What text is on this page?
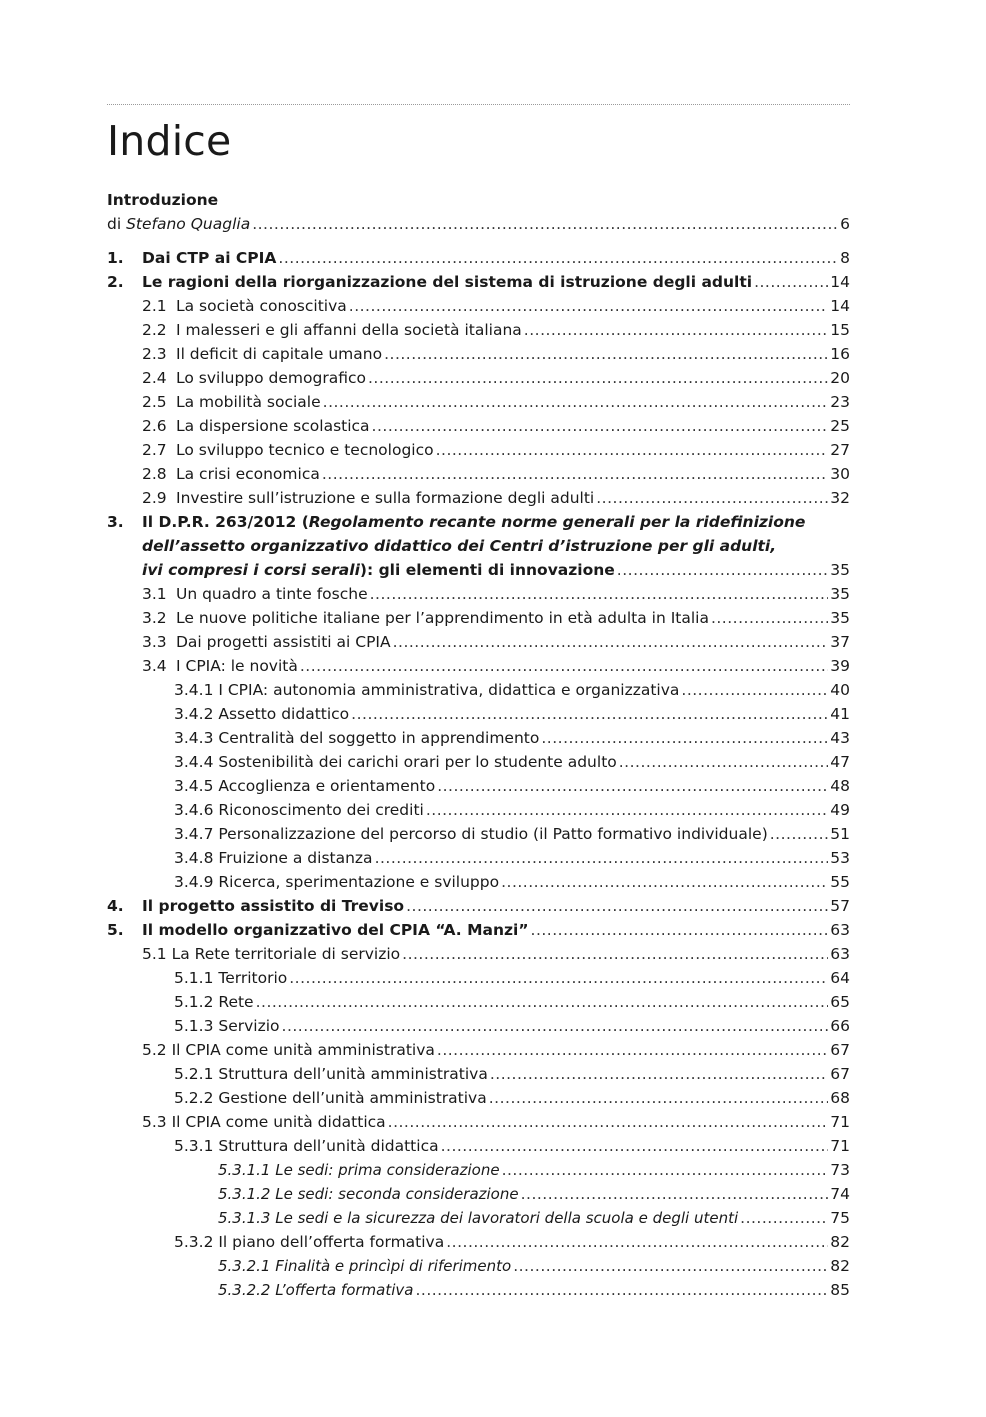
Indice
Introduzione
di Stefano Quaglia .....	6
1.	Dai CTP ai CPIA .....	8
2.	Le ragioni della riorganizzazione del sistema di istruzione degli adulti .....	14
2.1 La società conoscitiva .....	14
2.2 I malesseri e gli affanni della società italiana .....	15
2.3 Il deficit di capitale umano .....	16
2.4 Lo sviluppo demografico .....	20
2.5 La mobilità sociale .....	23
2.6 La dispersione scolastica .....	25
2.7 Lo sviluppo tecnico e tecnologico .....	27
2.8 La crisi economica .....	30
2.9 Investire sull’istruzione e sulla formazione degli adulti .....	32
3.	Il D.P.R. 263/2012 (Regolamento recante norme generali per la ridefinizione
dell’assetto organizzativo didattico dei Centri d’istruzione per gli adulti,
ivi compresi i corsi serali): gli elementi di innovazione .....	35
3.1 Un quadro a tinte fosche .....	35
3.2 Le nuove politiche italiane per l’apprendimento in età adulta in Italia .....	35
3.3 Dai progetti assistiti ai CPIA .....	37
3.4 I CPIA: le novità .....	39
3.4.1 I CPIA: autonomia amministrativa, didattica e organizzativa .....	40
3.4.2 Assetto didattico .....	41
3.4.3 Centralità del soggetto in apprendimento .....	43
3.4.4 Sostenibilità dei carichi orari per lo studente adulto .....	47
3.4.5 Accoglienza e orientamento .....	48
3.4.6 Riconoscimento dei crediti .....	49
3.4.7 Personalizzazione del percorso di studio (il Patto formativo individuale) .....	51
3.4.8 Fruizione a distanza .....	53
3.4.9 Ricerca, sperimentazione e sviluppo .....	55
4.	Il progetto assistito di Treviso .....	57
5.	Il modello organizzativo del CPIA “A. Manzi” .....	63
5.1 La Rete territoriale di servizio .....	63
5.1.1 Territorio .....	64
5.1.2 Rete .....	65
5.1.3 Servizio .....	66
5.2 Il CPIA come unità amministrativa .....	67
5.2.1 Struttura dell’unità amministrativa .....	67
5.2.2 Gestione dell’unità amministrativa .....	68
5.3 Il CPIA come unità didattica .....	71
5.3.1 Struttura dell’unità didattica .....	71
5.3.1.1 Le sedi: prima considerazione .....	73
5.3.1.2 Le sedi: seconda considerazione .....	74
5.3.1.3 Le sedi e la sicurezza dei lavoratori della scuola e degli utenti .....	75
5.3.2 Il piano dell’offerta formativa .....	82
5.3.2.1 Finalità e princìpi di riferimento .....	82
5.3.2.2 L’offerta formativa .....	85
